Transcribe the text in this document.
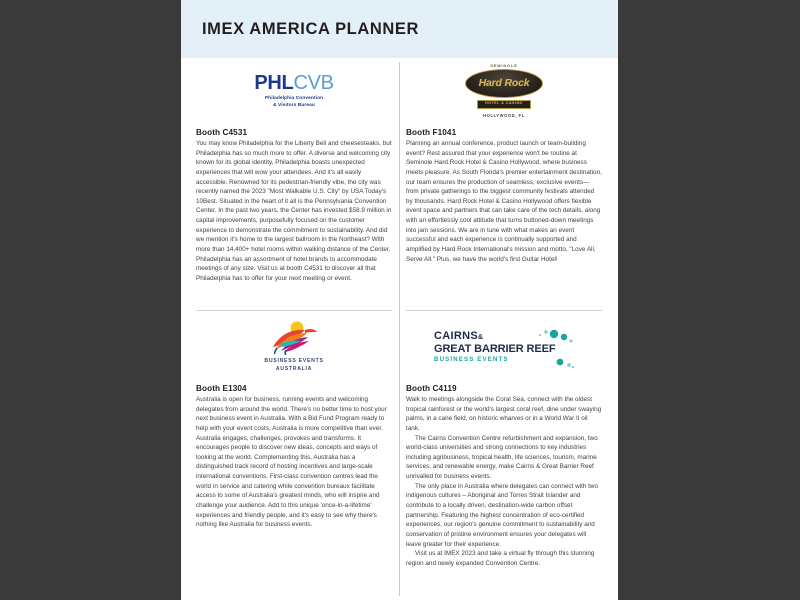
IMEX AMERICA PLANNER
PHLCVB
Philadelphia Convention
& Visitors Bureau

Booth C4531

You may know Philadelphia for the Liberty Bell and cheesesteaks, but Philadelphia has so much more to offer. A diverse and welcoming city known for its global identity, Philadelphia boasts unexpected experiences that will wow your attendees. And it's all easily accessible. Renowned for its pedestrian-friendly vibe, the city was recently named the 2023 "Most Walkable U.S. City" by USA Today's 10Best. Situated in the heart of it all is the Pennsylvania Convention Center. In the past two years, the Center has invested $58.9 million in capital improvements, purposefully focused on the customer experience to demonstrate the commitment to sustainability. And did we mention it's home to the largest ballroom in the Northeast? With more than 14,400+ hotel rooms within walking distance of the Center, Philadelphia has an assortment of hotel brands to accommodate meetings of any size. Visit us at booth C4531 to discover all that Philadelphia has to offer for your next meeting or event.

SEMINOLE
Hard Rock
HOTEL & CASINO
HOLLYWOOD, FL

Booth F1041

Planning an annual conference, product launch or team-building event? Rest assured that your experience won't be routine at Seminole Hard Rock Hotel & Casino Hollywood, where business meets pleasure. As South Florida's premier entertainment destination, our team ensures the production of seamless, exclusive events—from private gatherings to the biggest community festivals attended by thousands. Hard Rock Hotel & Casino Hollywood offers flexible event space and partners that can take care of the tech details, along with an effortlessly cool attitude that turns buttoned-down meetings into jam sessions. We are in tune with what makes an event successful and each experience is continually supported and amplified by Hard Rock International's mission and motto, "Love All, Serve All." Plus, we have the world's first Guitar Hotel!

BUSINESS EVENTS
AUSTRALIA

Booth E1304

Australia is open for business, running events and welcoming delegates from around the world. There's no better time to host your next business event in Australia. With a Bid Fund Program ready to help with your event costs, Australia is more competitive than ever. Australia engages, challenges, provokes and transforms. It encourages people to discover new ideas, concepts and ways of looking at the world. Complementing this, Australia has a distinguished track record of hosting incentives and large-scale international conventions. First-class convention centres lead the world in service and catering while convention bureaux facilitate access to some of Australia's greatest minds, who will inspire and challenge your audience. Add to this unique 'once-in-a-lifetime' experiences and friendly people, and it's easy to see why there's nothing like Australia for business events.

CAIRNS&
GREAT BARRIER REEF
BUSINESS EVENTS

Booth C4119

Walk to meetings alongside the Coral Sea, connect with the oldest tropical rainforest or the world's largest coral reef, dine under swaying palms, in a cane field, on historic wharves or in a World War II oil tank.

The Cairns Convention Centre refurbishment and expansion, two world-class universities and strong connections to key industries including agribusiness, tropical health, life sciences, tourism, marine services, and renewable energy, make Cairns & Great Barrier Reef unrivalled for business events.

The only place in Australia where delegates can connect with two indigenous cultures – Aboriginal and Torres Strait Islander and contribute to a locally driven, destination-wide carbon offset partnership. Featuring the highest concentration of eco-certified experiences, our region's genuine commitment to sustainability and conservation of pristine environment ensures your delegates will leave greater for their experience.

Visit us at IMEX 2023 and take a virtual fly through this stunning region and newly expanded Convention Centre.
